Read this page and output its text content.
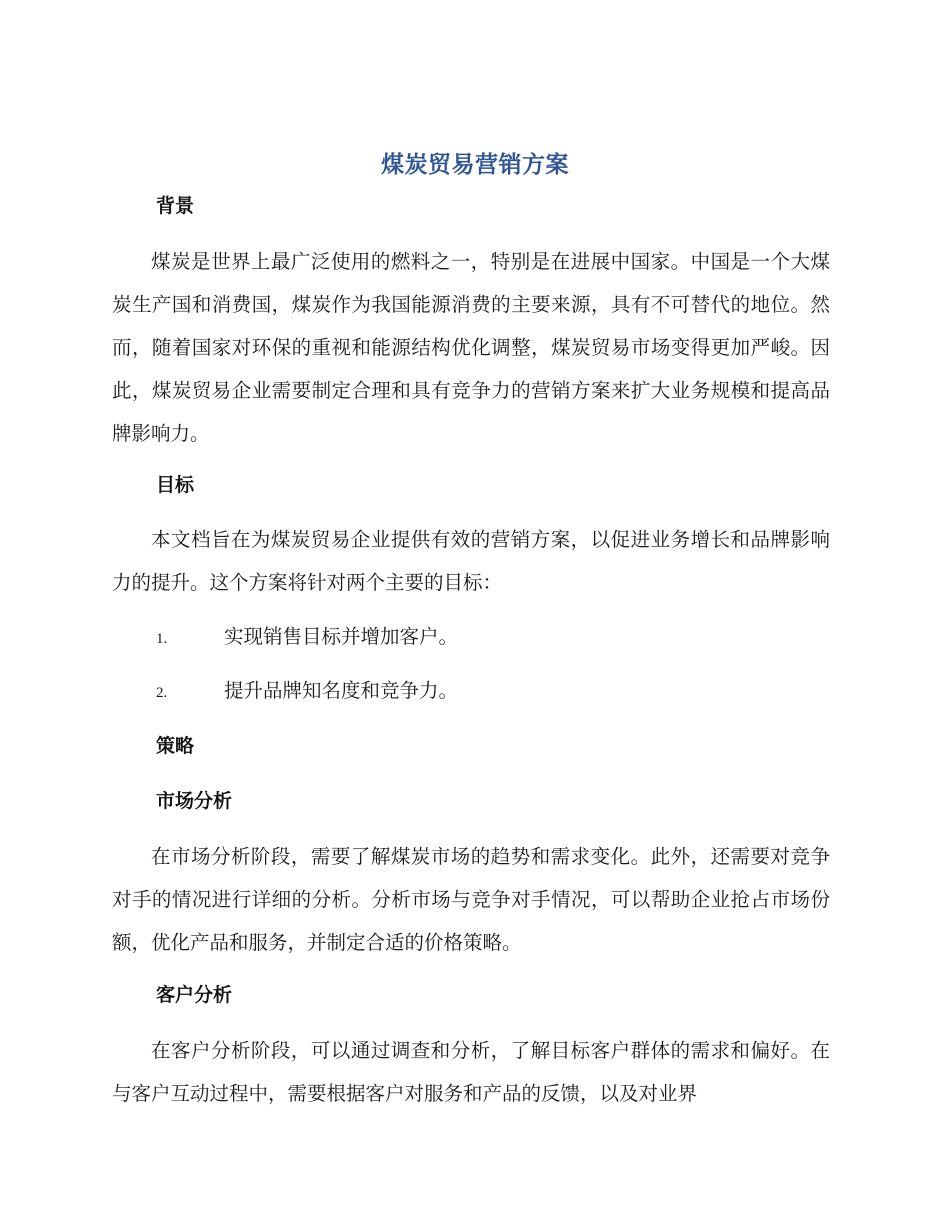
煤炭贸易营销方案
背景

煤炭是世界上最广泛使用的燃料之一，特别是在进展中国家。中国是一个大煤炭生产国和消费国，煤炭作为我国能源消费的主要来源，具有不可替代的地位。然而，随着国家对环保的重视和能源结构优化调整，煤炭贸易市场变得更加严峻。因此，煤炭贸易企业需要制定合理和具有竞争力的营销方案来扩大业务规模和提高品牌影响力。

目标

本文档旨在为煤炭贸易企业提供有效的营销方案，以促进业务增长和品牌影响力的提升。这个方案将针对两个主要的目标：

1.	实现销售目标并增加客户。
2.	提升品牌知名度和竞争力。
策略
市场分析

在市场分析阶段，需要了解煤炭市场的趋势和需求变化。此外，还需要对竞争对手的情况进行详细的分析。分析市场与竞争对手情况，可以帮助企业抢占市场份额，优化产品和服务，并制定合适的价格策略。

客户分析

在客户分析阶段，可以通过调查和分析，了解目标客户群体的需求和偏好。在与客户互动过程中，需要根据客户对服务和产品的反馈，以及对业界
